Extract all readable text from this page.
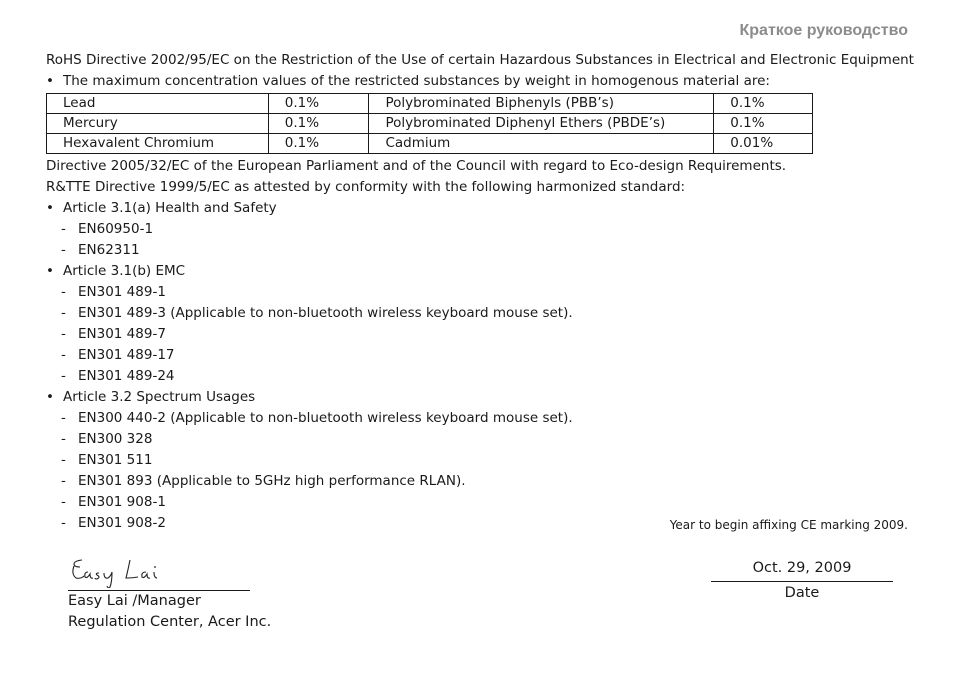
Краткое руководство
RoHS Directive 2002/95/EC on the Restriction of the Use of certain Hazardous Substances in Electrical and Electronic Equipment
• The maximum concentration values of the restricted substances by weight in homogenous material are:
Lead	0.1%	Polybrominated Biphenyls (PBB’s)	0.1%
Mercury	0.1%	Polybrominated Diphenyl Ethers (PBDE’s)	0.1%
Hexavalent Chromium	0.1%	Cadmium	0.01%
Directive 2005/32/EC of the European Parliament and of the Council with regard to Eco-design Requirements.
R&TTE Directive 1999/5/EC as attested by conformity with the following harmonized standard:
• Article 3.1(a) Health and Safety
- EN60950-1
- EN62311
• Article 3.1(b) EMC
- EN301 489-1
- EN301 489-3 (Applicable to non-bluetooth wireless keyboard mouse set).
- EN301 489-7
- EN301 489-17
- EN301 489-24
• Article 3.2 Spectrum Usages
- EN300 440-2 (Applicable to non-bluetooth wireless keyboard mouse set).
- EN300 328
- EN301 511
- EN301 893 (Applicable to 5GHz high performance RLAN).
- EN301 908-1
- EN301 908-2	Year to begin affixing CE marking 2009.
Easy Lai /Manager
Regulation Center, Acer Inc.
Oct. 29, 2009
Date
